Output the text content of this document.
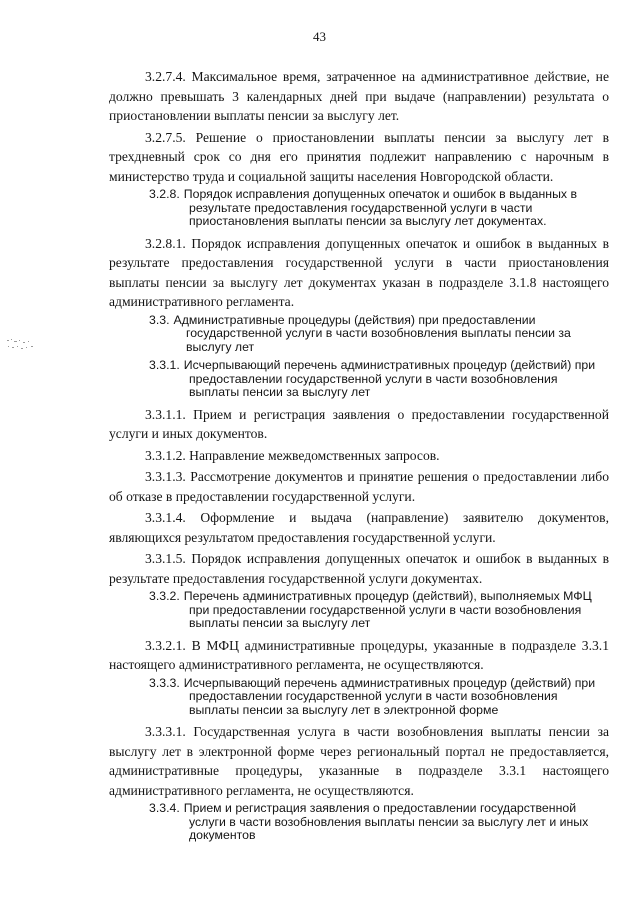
43
3.2.7.4. Максимальное время, затраченное на административное действие, не должно превышать 3 календарных дней при выдаче (направлении) результата о приостановлении выплаты пенсии за выслугу лет.
3.2.7.5. Решение о приостановлении выплаты пенсии за выслугу лет в трехдневный срок со дня его принятия подлежит направлению с нарочным в министерство труда и социальной защиты населения Новгородской области.
3.2.8. Порядок исправления допущенных опечаток и ошибок в выданных в результате предоставления государственной услуги в части приостановления выплаты пенсии за выслугу лет документах.
3.2.8.1. Порядок исправления допущенных опечаток и ошибок в выданных в результате предоставления государственной услуги в части приостановления выплаты пенсии за выслугу лет документах указан в подразделе 3.1.8 настоящего административного регламента.
3.3. Административные процедуры (действия) при предоставлении государственной услуги в части возобновления выплаты пенсии за выслугу лет
3.3.1. Исчерпывающий перечень административных процедур (действий) при предоставлении государственной услуги в части возобновления выплаты пенсии за выслугу лет
3.3.1.1. Прием и регистрация заявления о предоставлении государственной услуги и иных документов.
3.3.1.2. Направление межведомственных запросов.
3.3.1.3. Рассмотрение документов и принятие решения о предоставлении либо об отказе в предоставлении государственной услуги.
3.3.1.4. Оформление и выдача (направление) заявителю документов, являющихся результатом предоставления государственной услуги.
3.3.1.5. Порядок исправления допущенных опечаток и ошибок в выданных в результате предоставления государственной услуги документах.
3.3.2. Перечень административных процедур (действий), выполняемых МФЦ при предоставлении государственной услуги в части возобновления выплаты пенсии за выслугу лет
3.3.2.1. В МФЦ административные процедуры, указанные в подразделе 3.3.1 настоящего административного регламента, не осуществляются.
3.3.3. Исчерпывающий перечень административных процедур (действий) при предоставлении государственной услуги в части возобновления выплаты пенсии за выслугу лет в электронной форме
3.3.3.1. Государственная услуга в части возобновления выплаты пенсии за выслугу лет в электронной форме через региональный портал не предоставляется, административные процедуры, указанные в подразделе 3.3.1 настоящего административного регламента, не осуществляются.
3.3.4. Прием и регистрация заявления о предоставлении государственной услуги в части возобновления выплаты пенсии за выслугу лет и иных документов
